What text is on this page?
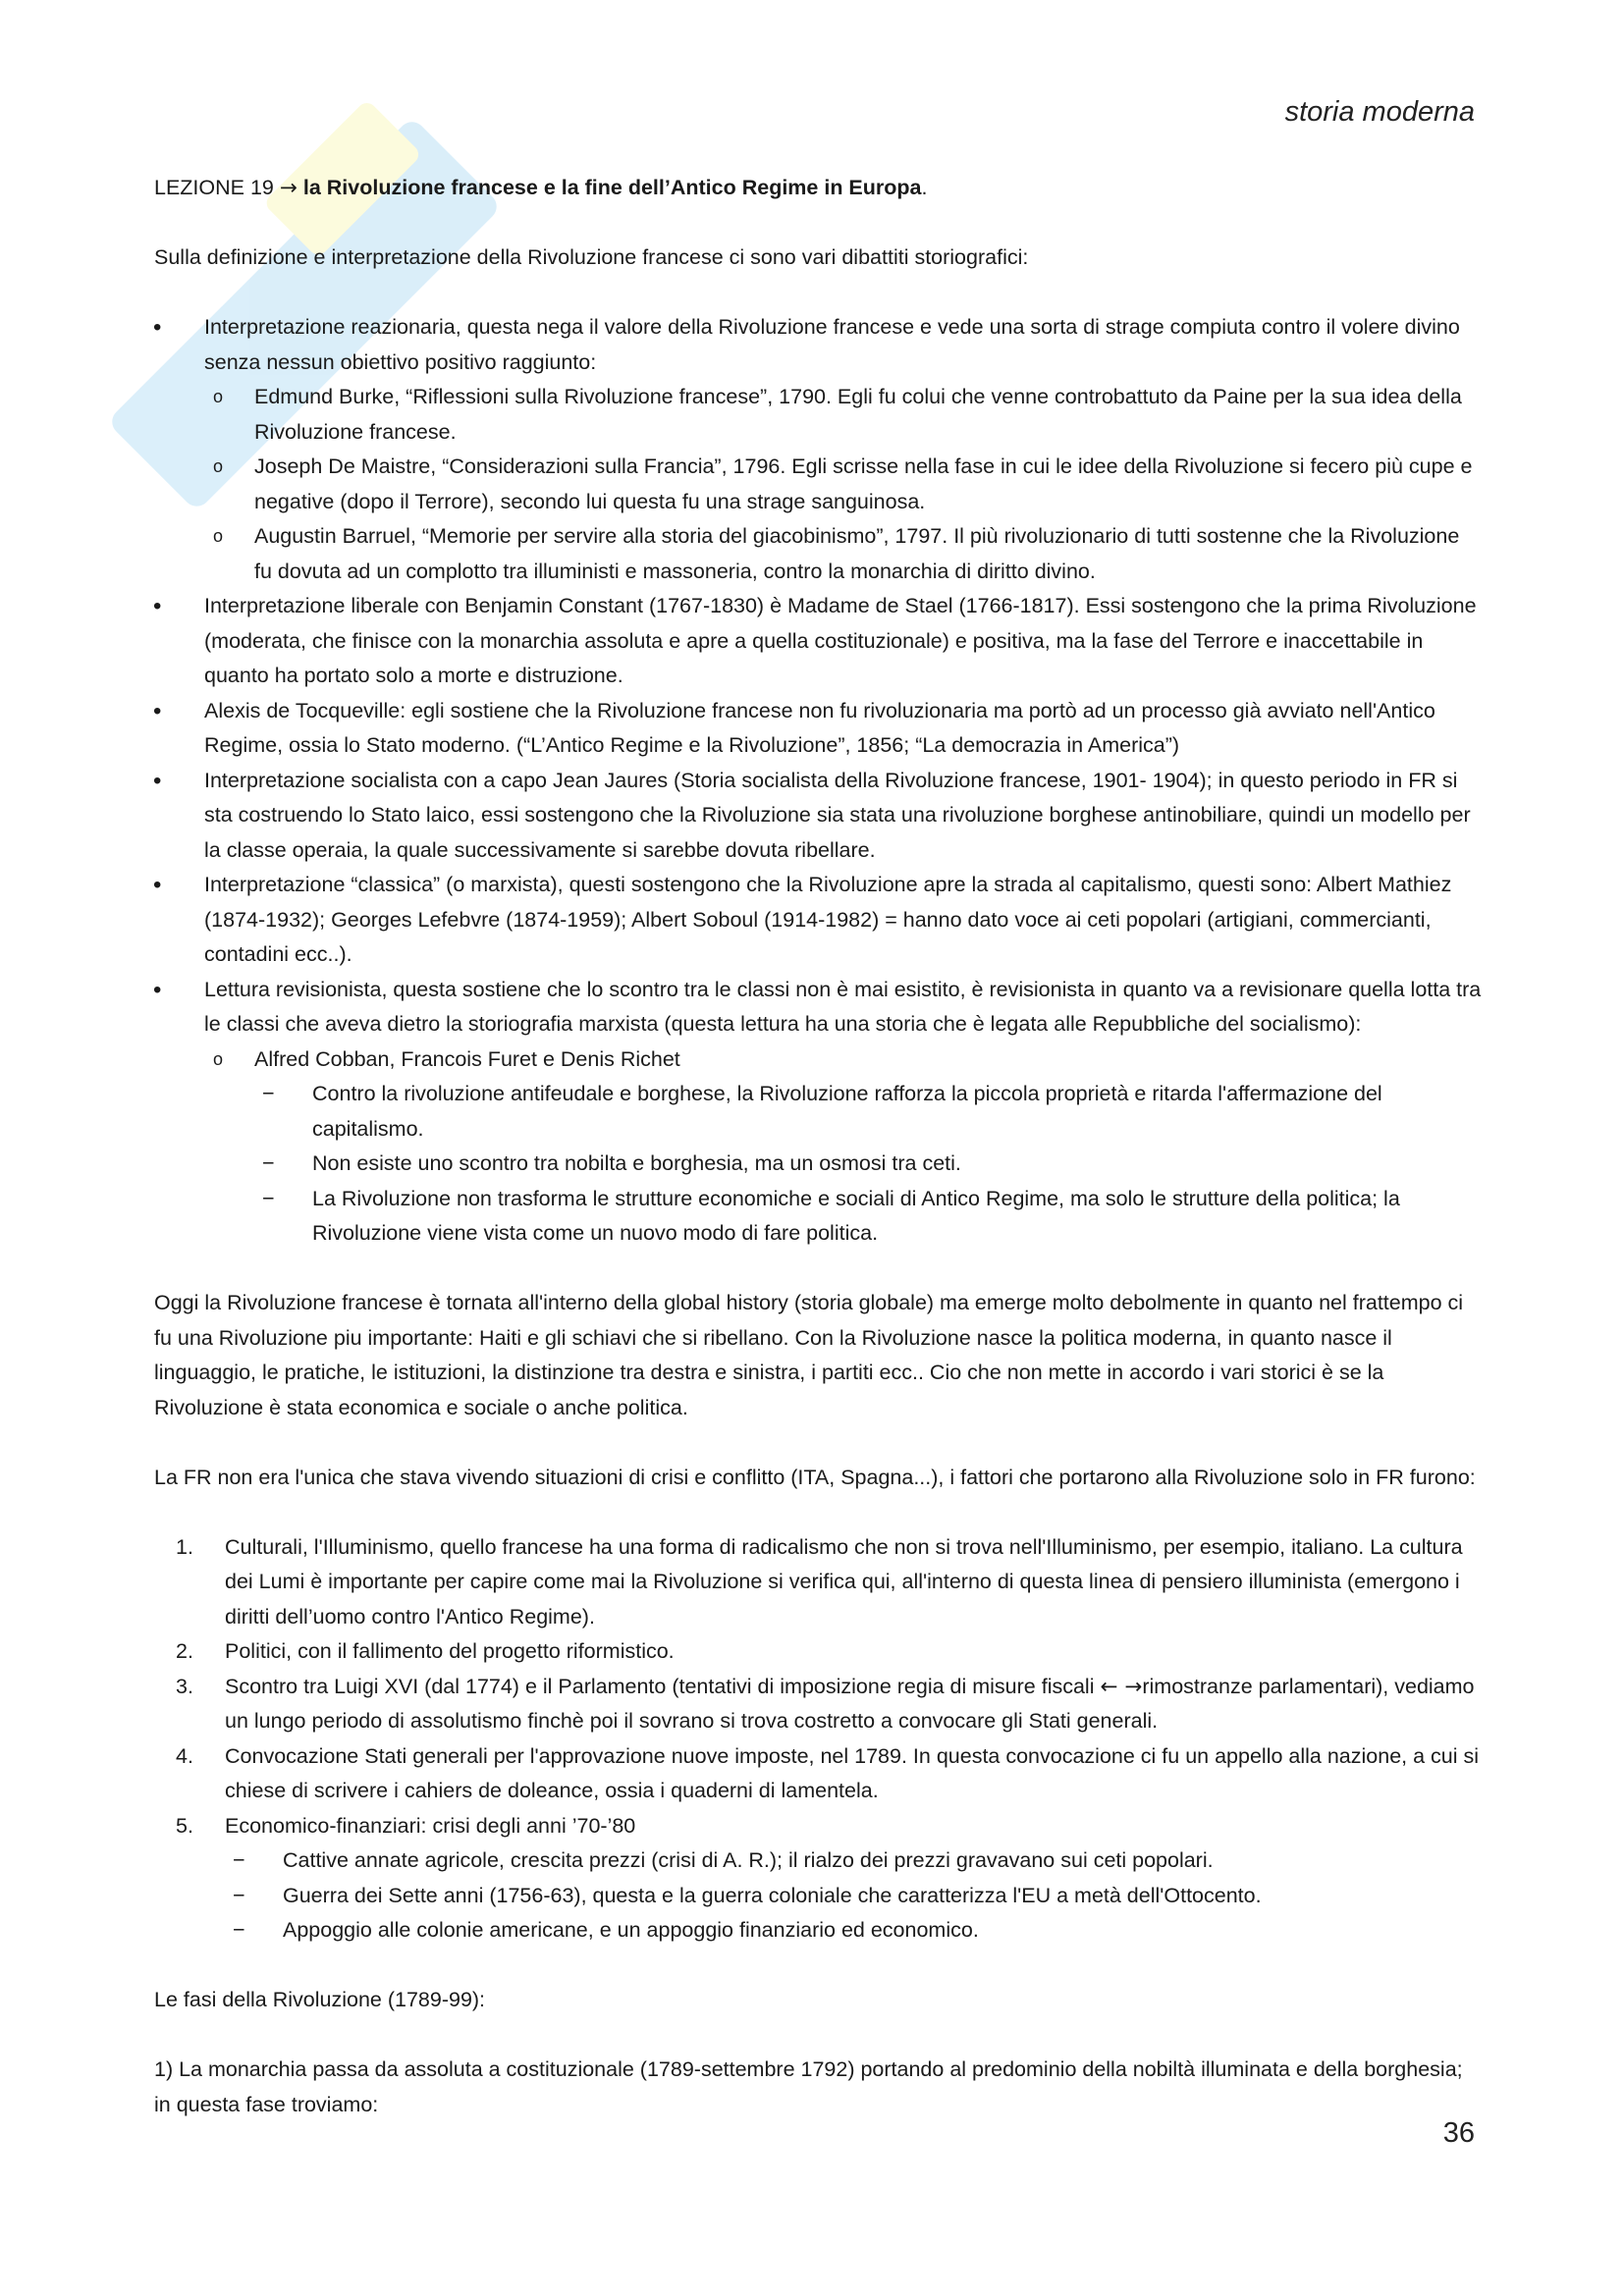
storia moderna

LEZIONE 19 → la Rivoluzione francese e la fine dell’Antico Regime in Europa.

Sulla definizione e interpretazione della Rivoluzione francese ci sono vari dibattiti storiografici:

• Interpretazione reazionaria, questa nega il valore della Rivoluzione francese e vede una sorta di strage compiuta contro il volere divino senza nessun obiettivo positivo raggiunto:
o Edmund Burke, “Riflessioni sulla Rivoluzione francese”, 1790. Egli fu colui che venne controbattuto da Paine per la sua idea della Rivoluzione francese.
o Joseph De Maistre, “Considerazioni sulla Francia”, 1796. Egli scrisse nella fase in cui le idee della Rivoluzione si fecero più cupe e negative (dopo il Terrore), secondo lui questa fu una strage sanguinosa.
o Augustin Barruel, “Memorie per servire alla storia del giacobinismo”, 1797. Il più rivoluzionario di tutti sostenne che la Rivoluzione fu dovuta ad un complotto tra illuministi e massoneria, contro la monarchia di diritto divino.
• Interpretazione liberale con Benjamin Constant (1767-1830) è Madame de Stael (1766-1817). Essi sostengono che la prima Rivoluzione (moderata, che finisce con la monarchia assoluta e apre a quella costituzionale) e positiva, ma la fase del Terrore e inaccettabile in quanto ha portato solo a morte e distruzione.
• Alexis de Tocqueville: egli sostiene che la Rivoluzione francese non fu rivoluzionaria ma portò ad un processo già avviato nell'Antico Regime, ossia lo Stato moderno. (“L’Antico Regime e la Rivoluzione”, 1856; “La democrazia in America”)
• Interpretazione socialista con a capo Jean Jaures (Storia socialista della Rivoluzione francese, 1901- 1904); in questo periodo in FR si sta costruendo lo Stato laico, essi sostengono che la Rivoluzione sia stata una rivoluzione borghese antinobiliare, quindi un modello per la classe operaia, la quale successivamente si sarebbe dovuta ribellare.
• Interpretazione “classica” (o marxista), questi sostengono che la Rivoluzione apre la strada al capitalismo, questi sono: Albert Mathiez (1874-1932); Georges Lefebvre (1874-1959); Albert Soboul (1914-1982) = hanno dato voce ai ceti popolari (artigiani, commercianti, contadini ecc..).
• Lettura revisionista, questa sostiene che lo scontro tra le classi non è mai esistito, è revisionista in quanto va a revisionare quella lotta tra le classi che aveva dietro la storiografia marxista (questa lettura ha una storia che è legata alle Repubbliche del socialismo):
o Alfred Cobban, Francois Furet e Denis Richet
− Contro la rivoluzione antifeudale e borghese, la Rivoluzione rafforza la piccola proprietà e ritarda l'affermazione del capitalismo.
− Non esiste uno scontro tra nobilta e borghesia, ma un osmosi tra ceti.
− La Rivoluzione non trasforma le strutture economiche e sociali di Antico Regime, ma solo le strutture della politica; la Rivoluzione viene vista come un nuovo modo di fare politica.

Oggi la Rivoluzione francese è tornata all'interno della global history (storia globale) ma emerge molto debolmente in quanto nel frattempo ci fu una Rivoluzione piu importante: Haiti e gli schiavi che si ribellano. Con la Rivoluzione nasce la politica moderna, in quanto nasce il linguaggio, le pratiche, le istituzioni, la distinzione tra destra e sinistra, i partiti ecc.. Cio che non mette in accordo i vari storici è se la Rivoluzione è stata economica e sociale o anche politica.

La FR non era l'unica che stava vivendo situazioni di crisi e conflitto (ITA, Spagna...), i fattori che portarono alla Rivoluzione solo in FR furono:

1. Culturali, l'Illuminismo, quello francese ha una forma di radicalismo che non si trova nell'Illuminismo, per esempio, italiano. La cultura dei Lumi è importante per capire come mai la Rivoluzione si verifica qui, all'interno di questa linea di pensiero illuminista (emergono i diritti dell’uomo contro l'Antico Regime).
2. Politici, con il fallimento del progetto riformistico.
3. Scontro tra Luigi XVI (dal 1774) e il Parlamento (tentativi di imposizione regia di misure fiscali ← →rimostranze parlamentari), vediamo un lungo periodo di assolutismo finchè poi il sovrano si trova costretto a convocare gli Stati generali.
4. Convocazione Stati generali per l'approvazione nuove imposte, nel 1789. In questa convocazione ci fu un appello alla nazione, a cui si chiese di scrivere i cahiers de doleance, ossia i quaderni di lamentela.
5. Economico-finanziari: crisi degli anni ’70-’80
− Cattive annate agricole, crescita prezzi (crisi di A. R.); il rialzo dei prezzi gravavano sui ceti popolari.
− Guerra dei Sette anni (1756-63), questa e la guerra coloniale che caratterizza l'EU a metà dell'Ottocento.
− Appoggio alle colonie americane, e un appoggio finanziario ed economico.

Le fasi della Rivoluzione (1789-99):

1) La monarchia passa da assoluta a costituzionale (1789-settembre 1792) portando al predominio della nobiltà illuminata e della borghesia; in questa fase troviamo:

36
